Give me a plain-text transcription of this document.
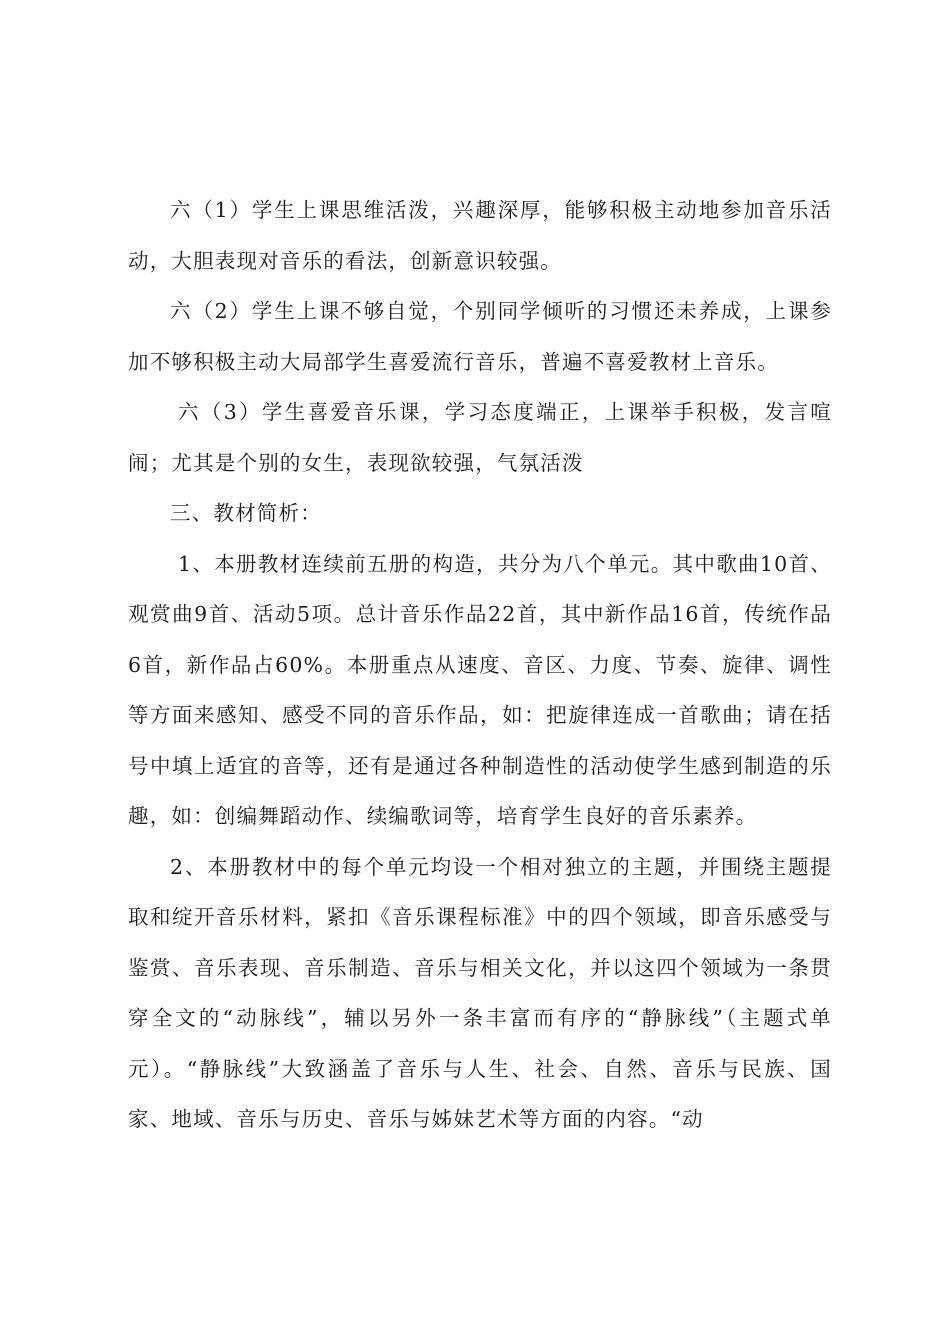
六（1）学生上课思维活泼，兴趣深厚，能够积极主动地参加音乐活动，大胆表现对音乐的看法，创新意识较强。

六（2）学生上课不够自觉，个别同学倾听的习惯还未养成，上课参加不够积极主动大局部学生喜爱流行音乐，普遍不喜爱教材上音乐。

六（3）学生喜爱音乐课，学习态度端正，上课举手积极，发言喧闹；尤其是个别的女生，表现欲较强，气氛活泼

三、教材简析：

1、本册教材连续前五册的构造，共分为八个单元。其中歌曲10首、观赏曲9首、活动5项。总计音乐作品22首，其中新作品16首，传统作品6首，新作品占60%。本册重点从速度、音区、力度、节奏、旋律、调性等方面来感知、感受不同的音乐作品，如：把旋律连成一首歌曲；请在括号中填上适宜的音等，还有是通过各种制造性的活动使学生感到制造的乐趣，如：创编舞蹈动作、续编歌词等，培育学生良好的音乐素养。

2、本册教材中的每个单元均设一个相对独立的主题，并围绕主题提取和绽开音乐材料，紧扣《音乐课程标准》中的四个领域，即音乐感受与鉴赏、音乐表现、音乐制造、音乐与相关文化，并以这四个领域为一条贯穿全文的“动脉线”，辅以另外一条丰富而有序的“静脉线”（主题式单元）。“静脉线”大致涵盖了音乐与人生、社会、自然、音乐与民族、国家、地域、音乐与历史、音乐与姊妹艺术等方面的内容。“动
